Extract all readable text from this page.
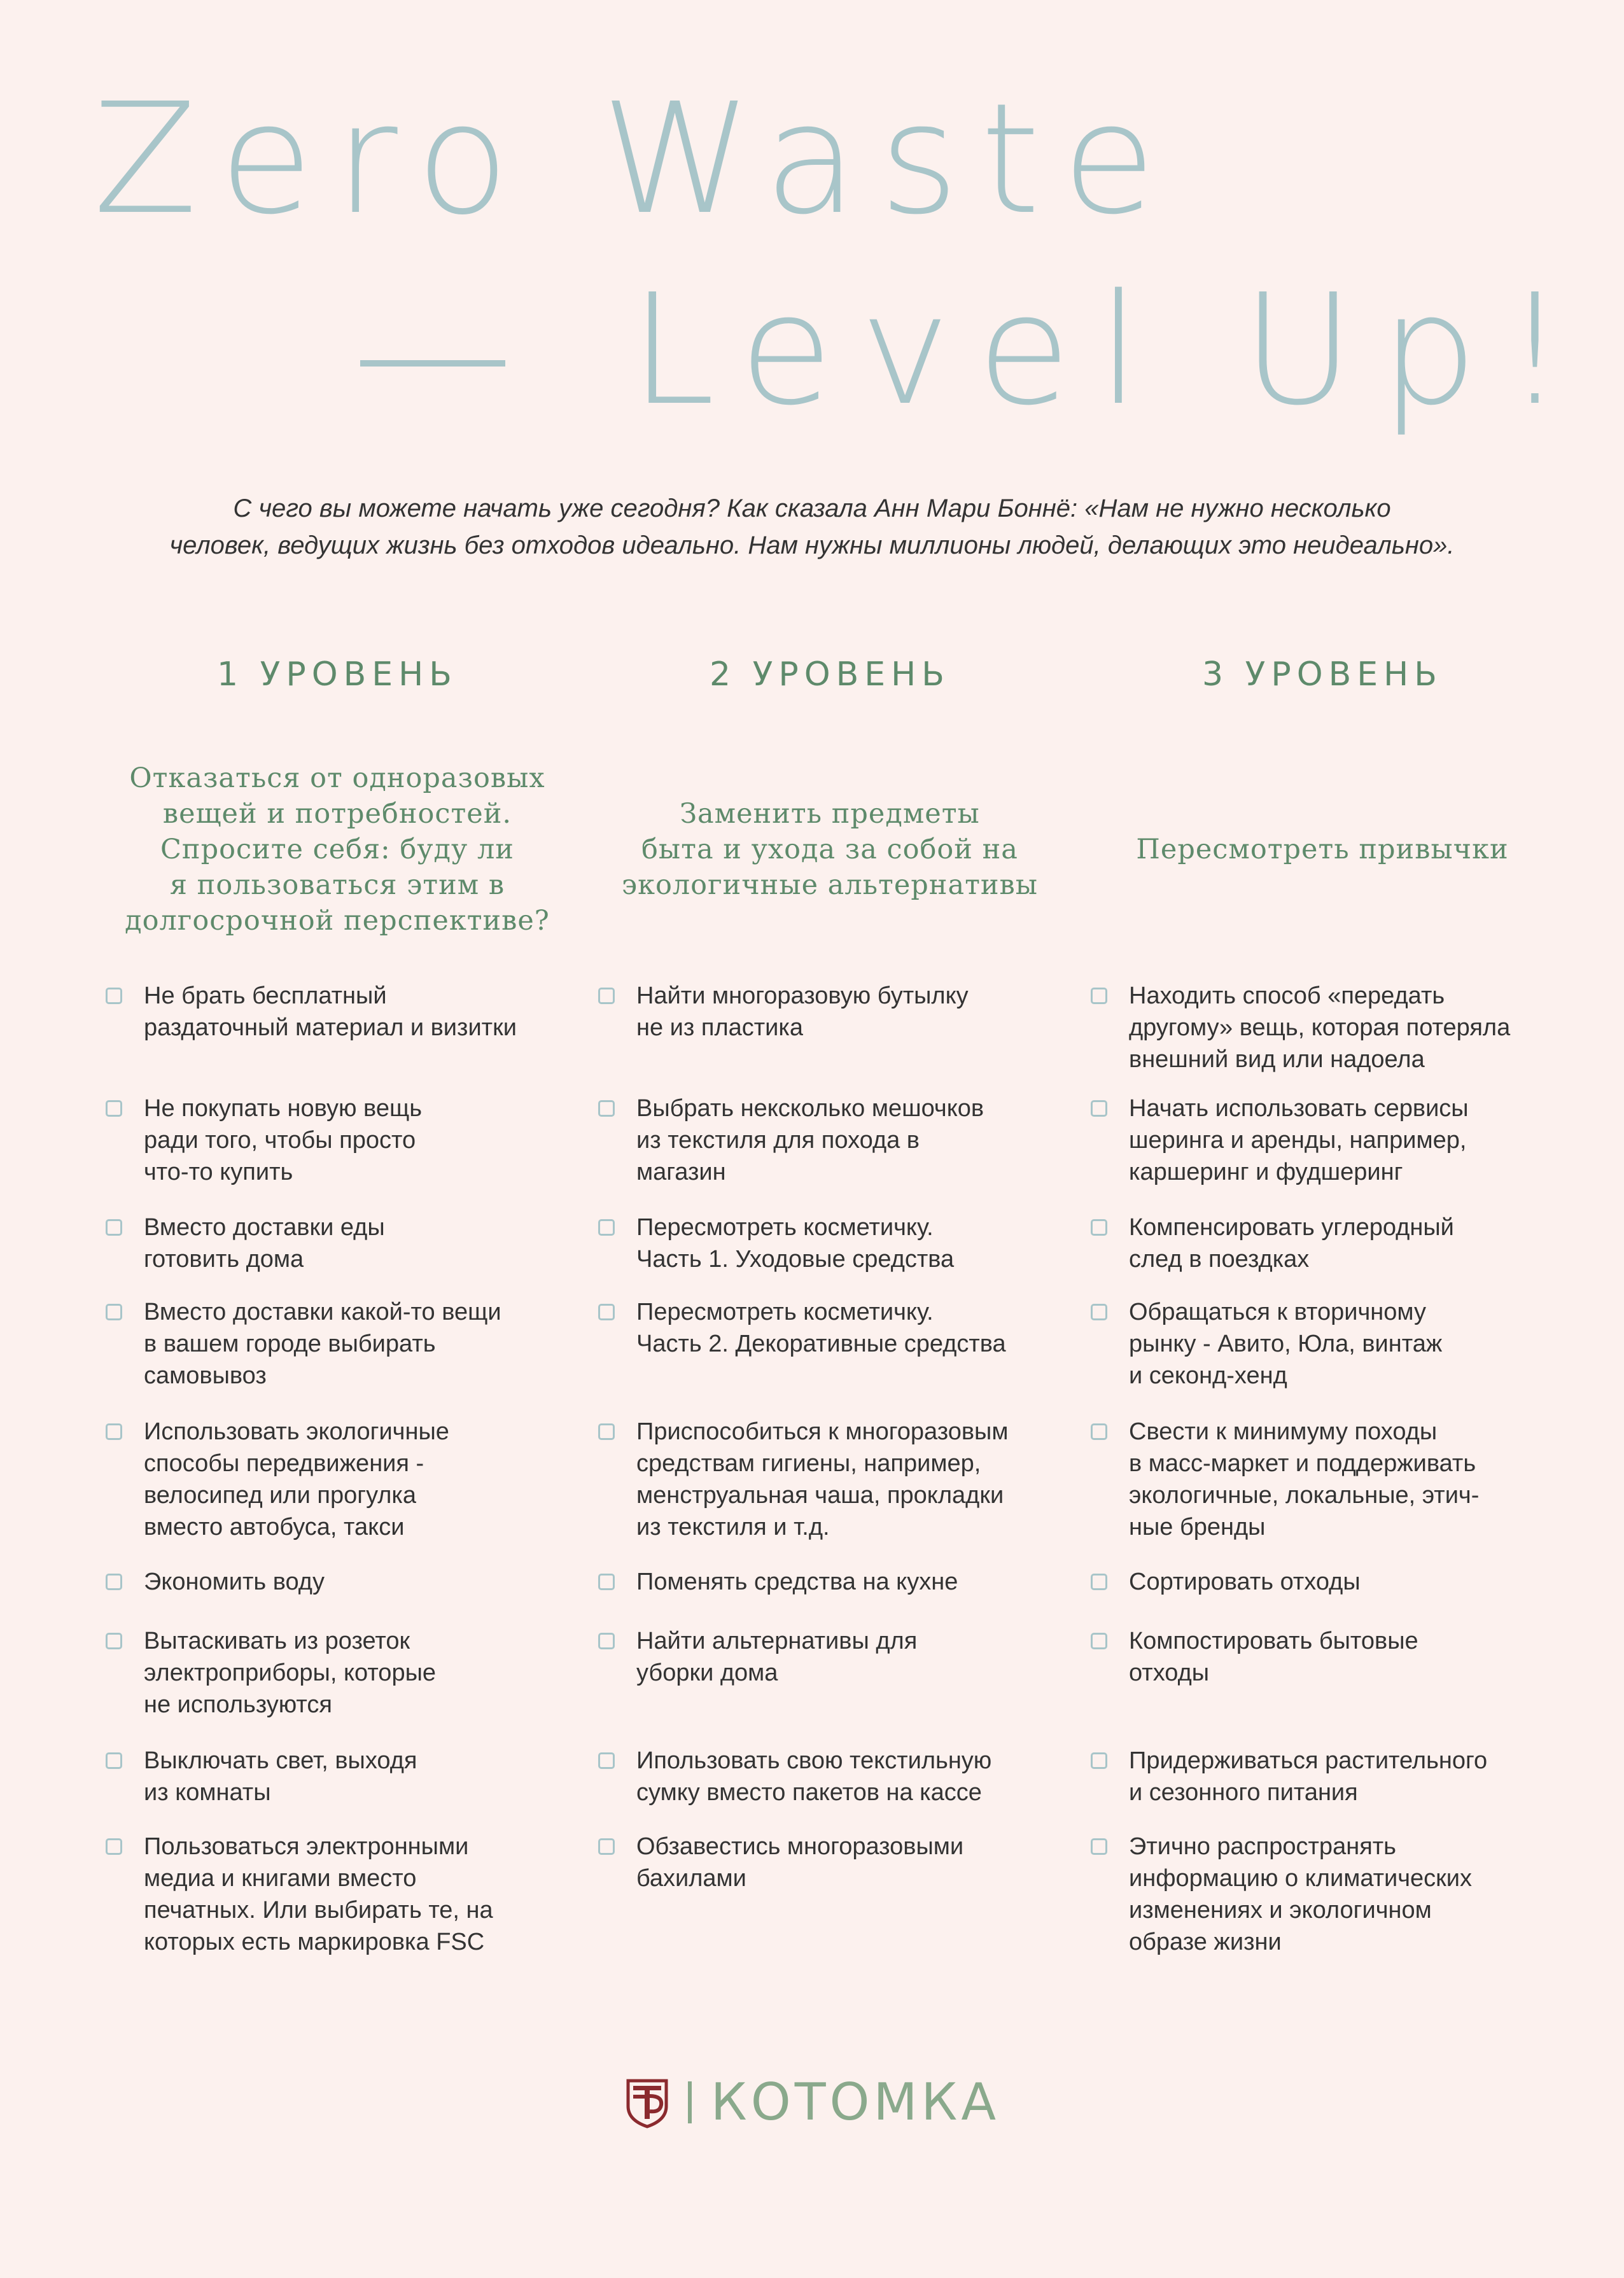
Zero Waste
Level Up!
С чего вы можете начать уже сегодня? Как сказала Анн Мари Боннё: «Нам не нужно несколько
человек, ведущих жизнь без отходов идеально. Нам нужны миллионы людей, делающих это неидеально».
1 УРОВЕНЬ
Отказаться от одноразовых
вещей и потребностей.
Спросите себя: буду ли
я пользоваться этим в
долгосрочной перспективе?
Не брать бесплатный
раздаточный материал и визитки
Не покупать новую вещь
ради того, чтобы просто
что-то купить
Вместо доставки еды
готовить дома
Вместо доставки какой-то вещи
в вашем городе выбирать
самовывоз
Использовать экологичные
способы передвижения -
велосипед или прогулка
вместо автобуса, такси
Экономить воду
Вытаскивать из розеток
электроприборы, которые
не используются
Выключать свет, выходя
из комнаты
Пользоваться электронными
медиа и книгами вместо
печатных. Или выбирать те, на
которых есть маркировка FSC
2 УРОВЕНЬ
Заменить предметы
быта и ухода за собой на
экологичные альтернативы
Найти многоразовую бутылку
не из пластика
Выбрать нексколько мешочков
из текстиля для похода в
магазин
Пересмотреть косметичку.
Часть 1. Уходовые средства
Пересмотреть косметичку.
Часть 2. Декоративные средства
Приспособиться к многоразовым
средствам гигиены, например,
менструальная чаша, прокладки
из текстиля и т.д.
Поменять средства на кухне
Найти альтернативы для
уборки дома
Ипользовать свою текстильную
сумку вместо пакетов на кассе
Обзавестись многоразовыми
бахилами
3 УРОВЕНЬ
Пересмотреть привычки
Находить способ «передать
другому» вещь, которая потеряла
внешний вид или надоела
Начать использовать сервисы
шеринга и аренды, например,
каршеринг и фудшеринг
Компенсировать углеродный
след в поездках
Обращаться к вторичному
рынку - Авито, Юла, винтаж
и секонд-хенд
Свести к минимуму походы
в масс-маркет и поддерживать
экологичные, локальные, этич-
ные бренды
Сортировать отходы
Компостировать бытовые
отходы
Придерживаться растительного
и сезонного питания
Этично распространять
информацию о климатических
изменениях и экологичном
образе жизни
КОТОМКА
